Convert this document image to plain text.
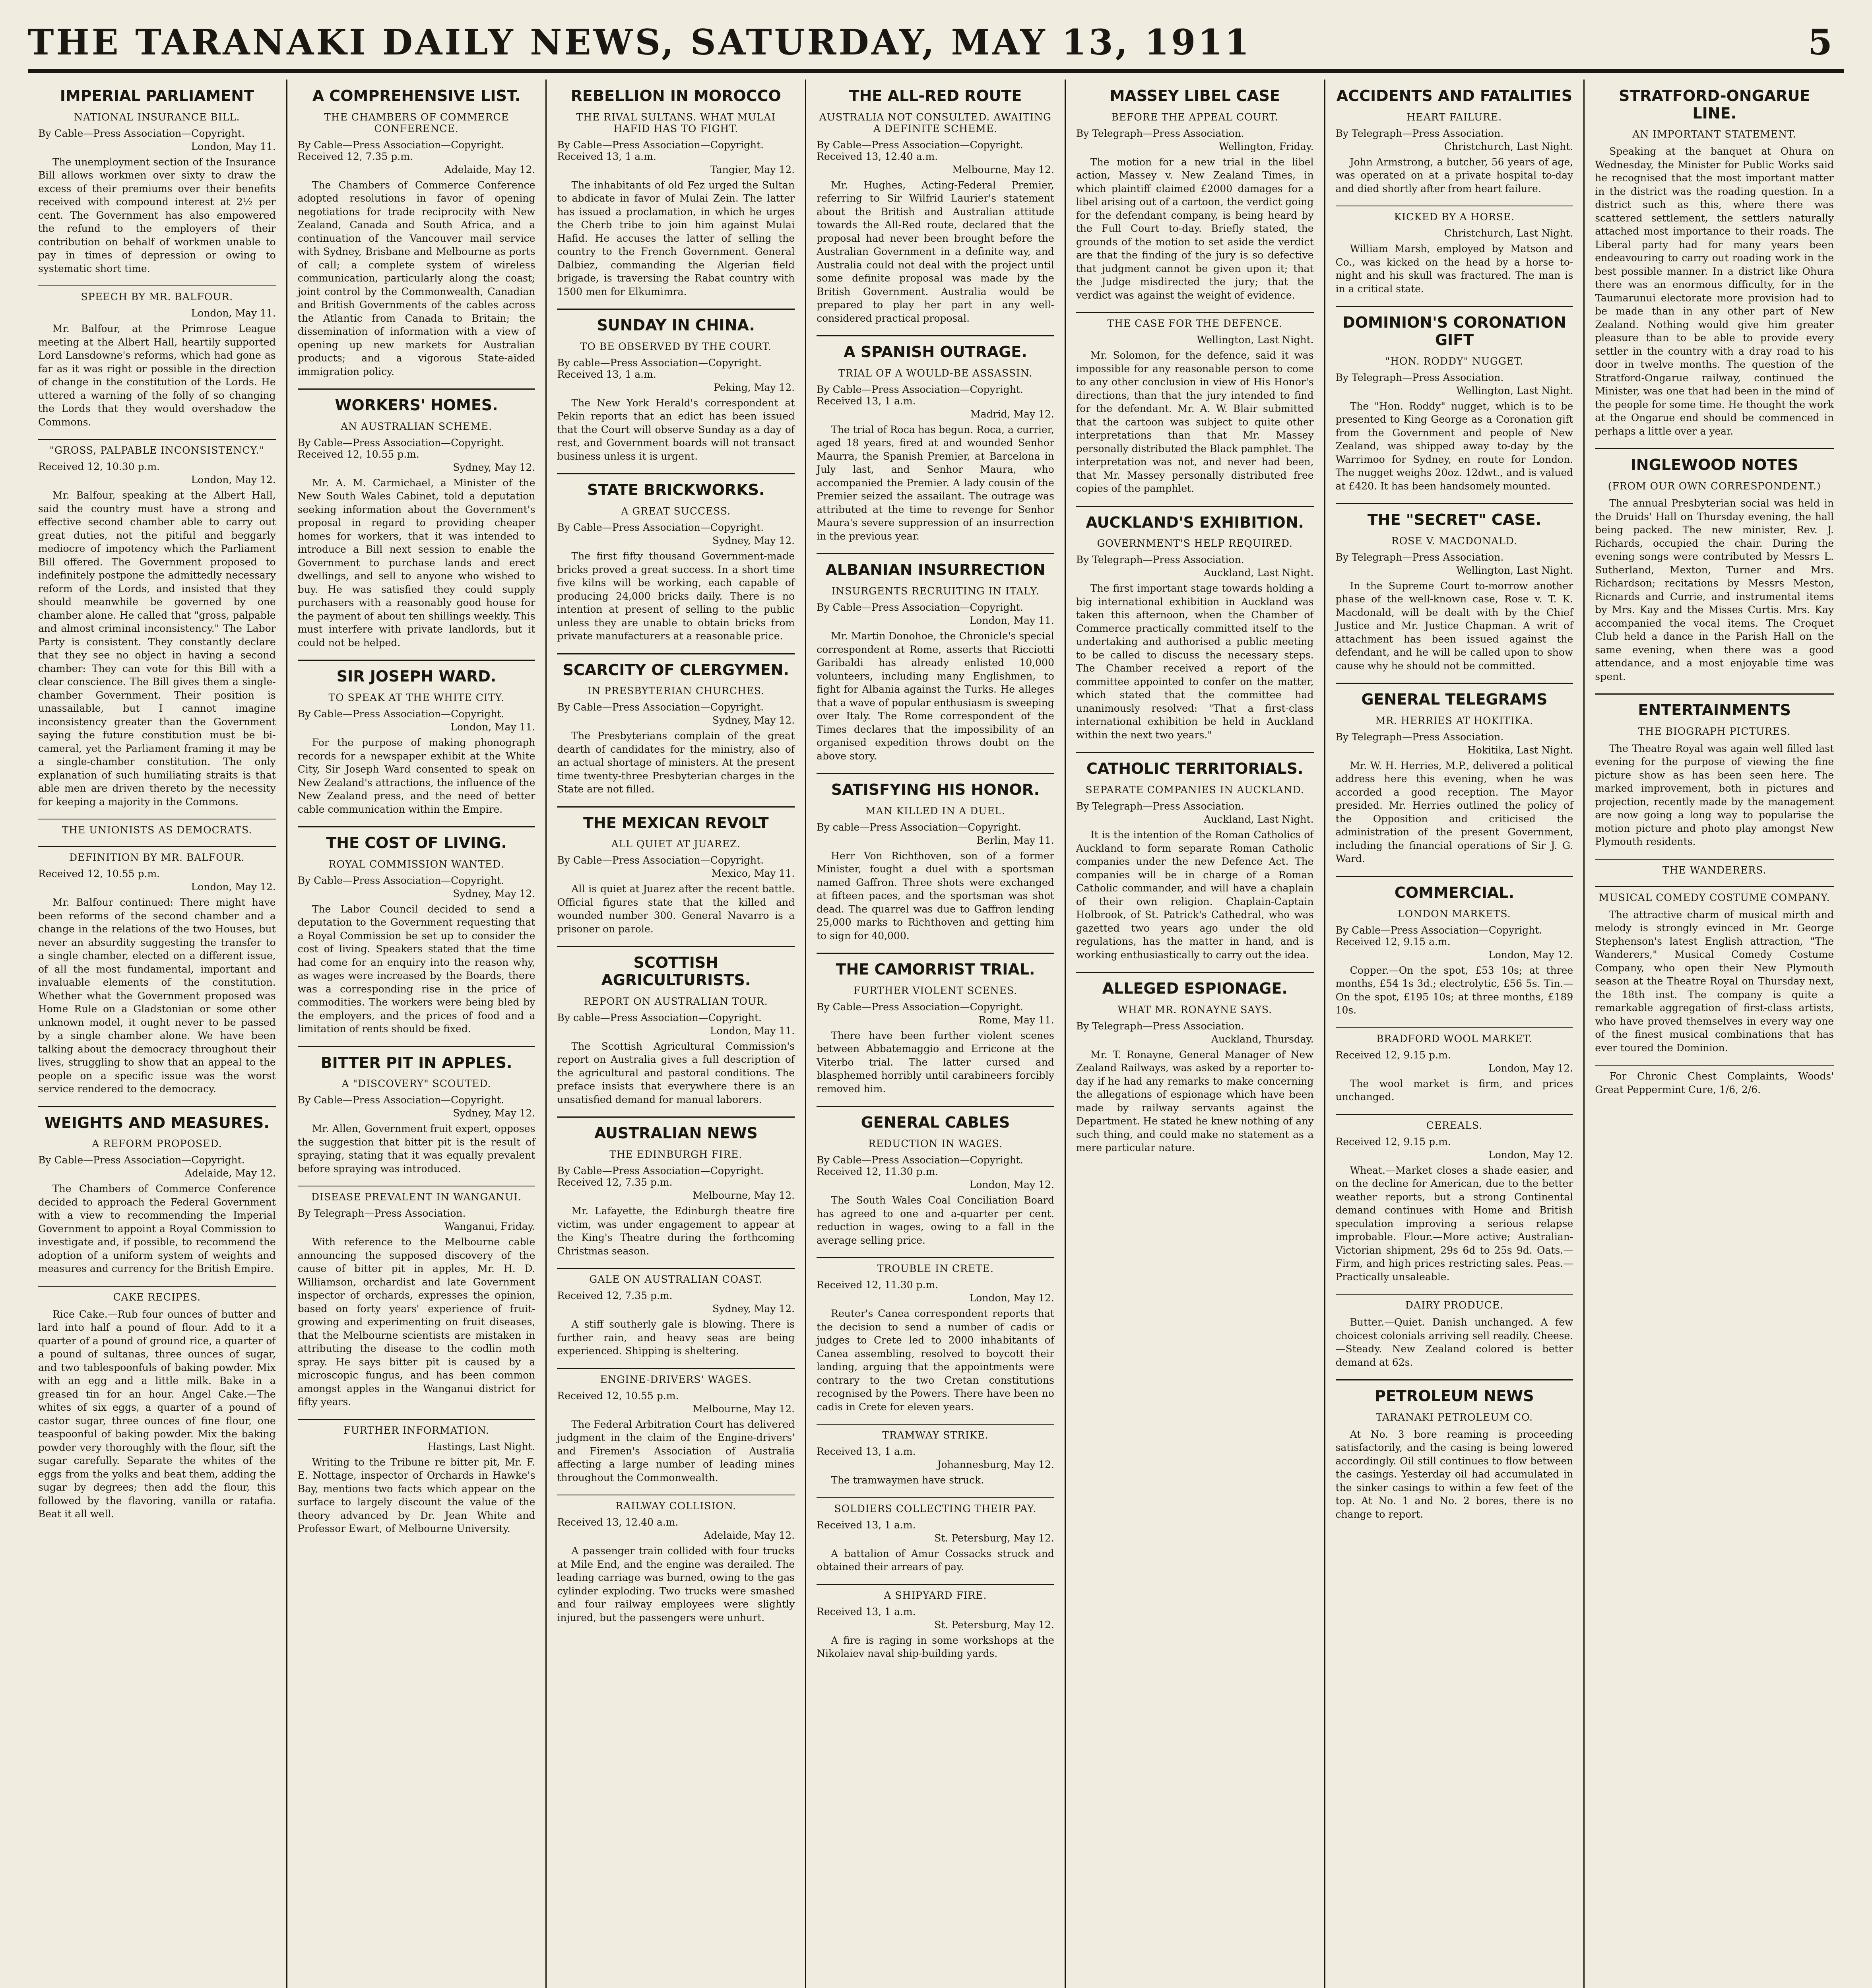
THE TARANAKI DAILY NEWS, SATURDAY, MAY 13, 1911	5
IMPERIAL PARLIAMENT
NATIONAL INSURANCE BILL.
By Cable—Press Association—Copyright.
London, May 11.
The unemployment section of the Insurance Bill allows workmen over sixty to draw the excess of their premiums over their benefits received with compound interest at 2½ per cent. The Government has also empowered the refund to the employers of their contribution on behalf of workmen unable to pay in times of depression or owing to systematic short time.
SPEECH BY MR. BALFOUR.
London, May 11.
Mr. Balfour, at the Primrose League meeting at the Albert Hall, heartily supported Lord Lansdowne's reforms, which had gone as far as it was right or possible in the direction of change in the constitution of the Lords. He uttered a warning of the folly of so changing the Lords that they would overshadow the Commons.
"GROSS, PALPABLE INCONSISTENCY."
Received 12, 10.30 p.m.
London, May 12.
Mr. Balfour, speaking at the Albert Hall, said the country must have a strong and effective second chamber able to carry out great duties, not the pitiful and beggarly mediocre of impotency which the Parliament Bill offered. The Government proposed to indefinitely postpone the admittedly necessary reform of the Lords, and insisted that they should meanwhile be governed by one chamber alone. He called that "gross, palpable and almost criminal inconsistency." The Labor Party is consistent. They constantly declare that they see no object in having a second chamber: They can vote for this Bill with a clear conscience. The Bill gives them a single-chamber Government. Their position is unassailable, but I cannot imagine inconsistency greater than the Government saying the future constitution must be bi-cameral, yet the Parliament framing it may be a single-chamber constitution. The only explanation of such humiliating straits is that able men are driven thereto by the necessity for keeping a majority in the Commons.
THE UNIONISTS AS DEMOCRATS.
DEFINITION BY MR. BALFOUR.
Received 12, 10.55 p.m.
London, May 12.
Mr. Balfour continued: There might have been reforms of the second chamber and a change in the relations of the two Houses, but never an absurdity suggesting the transfer to a single chamber, elected on a different issue, of all the most fundamental, important and invaluable elements of the constitution. Whether what the Government proposed was Home Rule on a Gladstonian or some other unknown model, it ought never to be passed by a single chamber alone. We have been talking about the democracy throughout their lives, struggling to show that an appeal to the people on a specific issue was the worst service rendered to the democracy.
WEIGHTS AND MEASURES.
A REFORM PROPOSED.
By Cable—Press Association—Copyright.
Adelaide, May 12.
The Chambers of Commerce Conference decided to approach the Federal Government with a view to recommending the Imperial Government to appoint a Royal Commission to investigate and, if possible, to recommend the adoption of a uniform system of weights and measures and currency for the British Empire.
CAKE RECIPES.
Rice Cake.—Rub four ounces of butter and lard into half a pound of flour. Add to it a quarter of a pound of ground rice, a quarter of a pound of sultanas, three ounces of sugar, and two tablespoonfuls of baking powder. Mix with an egg and a little milk. Bake in a greased tin for an hour. Angel Cake.—The whites of six eggs, a quarter of a pound of castor sugar, three ounces of fine flour, one teaspoonful of baking powder. Mix the baking powder very thoroughly with the flour, sift the sugar carefully. Separate the whites of the eggs from the yolks and beat them, adding the sugar by degrees; then add the flour, this followed by the flavoring, vanilla or ratafia. Beat it all well.
A COMPREHENSIVE LIST.
THE CHAMBERS OF COMMERCE CONFERENCE.
By Cable—Press Association—Copyright. Received 12, 7.35 p.m.
Adelaide, May 12.
The Chambers of Commerce Conference adopted resolutions in favor of opening negotiations for trade reciprocity with New Zealand, Canada and South Africa, and a continuation of the Vancouver mail service with Sydney, Brisbane and Melbourne as ports of call; a complete system of wireless communication, particularly along the coast; joint control by the Commonwealth, Canadian and British Governments of the cables across the Atlantic from Canada to Britain; the dissemination of information with a view of opening up new markets for Australian products; and a vigorous State-aided immigration policy.
WORKERS' HOMES.
AN AUSTRALIAN SCHEME.
By Cable—Press Association—Copyright. Received 12, 10.55 p.m.
Sydney, May 12.
Mr. A. M. Carmichael, a Minister of the New South Wales Cabinet, told a deputation seeking information about the Government's proposal in regard to providing cheaper homes for workers, that it was intended to introduce a Bill next session to enable the Government to purchase lands and erect dwellings, and sell to anyone who wished to buy. He was satisfied they could supply purchasers with a reasonably good house for the payment of about ten shillings weekly. This must interfere with private landlords, but it could not be helped.
SIR JOSEPH WARD.
TO SPEAK AT THE WHITE CITY.
By Cable—Press Association—Copyright.
London, May 11.
For the purpose of making phonograph records for a newspaper exhibit at the White City, Sir Joseph Ward consented to speak on New Zealand's attractions, the influence of the New Zealand press, and the need of better cable communication within the Empire.
THE COST OF LIVING.
ROYAL COMMISSION WANTED.
By Cable—Press Association—Copyright.
Sydney, May 12.
The Labor Council decided to send a deputation to the Government requesting that a Royal Commission be set up to consider the cost of living. Speakers stated that the time had come for an enquiry into the reason why, as wages were increased by the Boards, there was a corresponding rise in the price of commodities. The workers were being bled by the employers, and the prices of food and a limitation of rents should be fixed.
BITTER PIT IN APPLES.
A "DISCOVERY" SCOUTED.
By Cable—Press Association—Copyright.
Sydney, May 12.
Mr. Allen, Government fruit expert, opposes the suggestion that bitter pit is the result of spraying, stating that it was equally prevalent before spraying was introduced.
DISEASE PREVALENT IN WANGANUI.
By Telegraph—Press Association.
Wanganui, Friday.
With reference to the Melbourne cable announcing the supposed discovery of the cause of bitter pit in apples, Mr. H. D. Williamson, orchardist and late Government inspector of orchards, expresses the opinion, based on forty years' experience of fruit-growing and experimenting on fruit diseases, that the Melbourne scientists are mistaken in attributing the disease to the codlin moth spray. He says bitter pit is caused by a microscopic fungus, and has been common amongst apples in the Wanganui district for fifty years.
FURTHER INFORMATION.
Hastings, Last Night.
Writing to the Tribune re bitter pit, Mr. F. E. Nottage, inspector of Orchards in Hawke's Bay, mentions two facts which appear on the surface to largely discount the value of the theory advanced by Dr. Jean White and Professor Ewart, of Melbourne University.
REBELLION IN MOROCCO
THE RIVAL SULTANS. WHAT MULAI HAFID HAS TO FIGHT.
By Cable—Press Association—Copyright. Received 13, 1 a.m.
Tangier, May 12.
The inhabitants of old Fez urged the Sultan to abdicate in favor of Mulai Zein. The latter has issued a proclamation, in which he urges the Cherb tribe to join him against Mulai Hafid. He accuses the latter of selling the country to the French Government. General Dalbiez, commanding the Algerian field brigade, is traversing the Rabat country with 1500 men for Elkumimra.
SUNDAY IN CHINA.
TO BE OBSERVED BY THE COURT.
By cable—Press Association—Copyright. Received 13, 1 a.m.
Peking, May 12.
The New York Herald's correspondent at Pekin reports that an edict has been issued that the Court will observe Sunday as a day of rest, and Government boards will not transact business unless it is urgent.
STATE BRICKWORKS.
A GREAT SUCCESS.
By Cable—Press Association—Copyright.
Sydney, May 12.
The first fifty thousand Government-made bricks proved a great success. In a short time five kilns will be working, each capable of producing 24,000 bricks daily. There is no intention at present of selling to the public unless they are unable to obtain bricks from private manufacturers at a reasonable price.
SCARCITY OF CLERGYMEN.
IN PRESBYTERIAN CHURCHES.
By Cable—Press Association—Copyright.
Sydney, May 12.
The Presbyterians complain of the great dearth of candidates for the ministry, also of an actual shortage of ministers. At the present time twenty-three Presbyterian charges in the State are not filled.
THE MEXICAN REVOLT
ALL QUIET AT JUAREZ.
By Cable—Press Association—Copyright.
Mexico, May 11.
All is quiet at Juarez after the recent battle. Official figures state that the killed and wounded number 300. General Navarro is a prisoner on parole.
SCOTTISH AGRICULTURISTS.
REPORT ON AUSTRALIAN TOUR.
By cable—Press Association—Copyright.
London, May 11.
The Scottish Agricultural Commission's report on Australia gives a full description of the agricultural and pastoral conditions. The preface insists that everywhere there is an unsatisfied demand for manual laborers.
AUSTRALIAN NEWS
THE EDINBURGH FIRE.
By Cable—Press Association—Copyright. Received 12, 7.35 p.m.
Melbourne, May 12.
Mr. Lafayette, the Edinburgh theatre fire victim, was under engagement to appear at the King's Theatre during the forthcoming Christmas season.
GALE ON AUSTRALIAN COAST.
Received 12, 7.35 p.m.
Sydney, May 12.
A stiff southerly gale is blowing. There is further rain, and heavy seas are being experienced. Shipping is sheltering.
ENGINE-DRIVERS' WAGES.
Received 12, 10.55 p.m.
Melbourne, May 12.
The Federal Arbitration Court has delivered judgment in the claim of the Engine-drivers' and Firemen's Association of Australia affecting a large number of leading mines throughout the Commonwealth.
RAILWAY COLLISION.
Received 13, 12.40 a.m.
Adelaide, May 12.
A passenger train collided with four trucks at Mile End, and the engine was derailed. The leading carriage was burned, owing to the gas cylinder exploding. Two trucks were smashed and four railway employees were slightly injured, but the passengers were unhurt.
THE ALL-RED ROUTE
AUSTRALIA NOT CONSULTED. AWAITING A DEFINITE SCHEME.
By Cable—Press Association—Copyright. Received 13, 12.40 a.m.
Melbourne, May 12.
Mr. Hughes, Acting-Federal Premier, referring to Sir Wilfrid Laurier's statement about the British and Australian attitude towards the All-Red route, declared that the proposal had never been brought before the Australian Government in a definite way, and Australia could not deal with the project until some definite proposal was made by the British Government. Australia would be prepared to play her part in any well-considered practical proposal.
A SPANISH OUTRAGE.
TRIAL OF A WOULD-BE ASSASSIN.
By Cable—Press Association—Copyright. Received 13, 1 a.m.
Madrid, May 12.
The trial of Roca has begun. Roca, a currier, aged 18 years, fired at and wounded Senhor Maurra, the Spanish Premier, at Barcelona in July last, and Senhor Maura, who accompanied the Premier. A lady cousin of the Premier seized the assailant. The outrage was attributed at the time to revenge for Senhor Maura's severe suppression of an insurrection in the previous year.
ALBANIAN INSURRECTION
INSURGENTS RECRUITING IN ITALY.
By Cable—Press Association—Copyright.
London, May 11.
Mr. Martin Donohoe, the Chronicle's special correspondent at Rome, asserts that Ricciotti Garibaldi has already enlisted 10,000 volunteers, including many Englishmen, to fight for Albania against the Turks. He alleges that a wave of popular enthusiasm is sweeping over Italy. The Rome correspondent of the Times declares that the impossibility of an organised expedition throws doubt on the above story.
SATISFYING HIS HONOR.
MAN KILLED IN A DUEL.
By cable—Press Association—Copyright.
Berlin, May 11.
Herr Von Richthoven, son of a former Minister, fought a duel with a sportsman named Gaffron. Three shots were exchanged at fifteen paces, and the sportsman was shot dead. The quarrel was due to Gaffron lending 25,000 marks to Richthoven and getting him to sign for 40,000.
THE CAMORRIST TRIAL.
FURTHER VIOLENT SCENES.
By Cable—Press Association—Copyright.
Rome, May 11.
There have been further violent scenes between Abbatemaggio and Erricone at the Viterbo trial. The latter cursed and blasphemed horribly until carabineers forcibly removed him.
GENERAL CABLES
REDUCTION IN WAGES.
By Cable—Press Association—Copyright. Received 12, 11.30 p.m.
London, May 12.
The South Wales Coal Conciliation Board has agreed to one and a-quarter per cent. reduction in wages, owing to a fall in the average selling price.
TROUBLE IN CRETE.
Received 12, 11.30 p.m.
London, May 12.
Reuter's Canea correspondent reports that the decision to send a number of cadis or judges to Crete led to 2000 inhabitants of Canea assembling, resolved to boycott their landing, arguing that the appointments were contrary to the two Cretan constitutions recognised by the Powers. There have been no cadis in Crete for eleven years.
TRAMWAY STRIKE.
Received 13, 1 a.m.
Johannesburg, May 12.
The tramwaymen have struck.
SOLDIERS COLLECTING THEIR PAY.
Received 13, 1 a.m.
St. Petersburg, May 12.
A battalion of Amur Cossacks struck and obtained their arrears of pay.
A SHIPYARD FIRE.
Received 13, 1 a.m.
St. Petersburg, May 12.
A fire is raging in some workshops at the Nikolaiev naval ship-building yards.
MASSEY LIBEL CASE
BEFORE THE APPEAL COURT.
By Telegraph—Press Association.
Wellington, Friday.
The motion for a new trial in the libel action, Massey v. New Zealand Times, in which plaintiff claimed £2000 damages for a libel arising out of a cartoon, the verdict going for the defendant company, is being heard by the Full Court to-day. Briefly stated, the grounds of the motion to set aside the verdict are that the finding of the jury is so defective that judgment cannot be given upon it; that the Judge misdirected the jury; that the verdict was against the weight of evidence.
THE CASE FOR THE DEFENCE.
Wellington, Last Night.
Mr. Solomon, for the defence, said it was impossible for any reasonable person to come to any other conclusion in view of His Honor's directions, than that the jury intended to find for the defendant. Mr. A. W. Blair submitted that the cartoon was subject to quite other interpretations than that Mr. Massey personally distributed the Black pamphlet. The interpretation was not, and never had been, that Mr. Massey personally distributed free copies of the pamphlet.
AUCKLAND'S EXHIBITION.
GOVERNMENT'S HELP REQUIRED.
By Telegraph—Press Association.
Auckland, Last Night.
The first important stage towards holding a big international exhibition in Auckland was taken this afternoon, when the Chamber of Commerce practically committed itself to the undertaking and authorised a public meeting to be called to discuss the necessary steps. The Chamber received a report of the committee appointed to confer on the matter, which stated that the committee had unanimously resolved: "That a first-class international exhibition be held in Auckland within the next two years."
CATHOLIC TERRITORIALS.
SEPARATE COMPANIES IN AUCKLAND.
By Telegraph—Press Association.
Auckland, Last Night.
It is the intention of the Roman Catholics of Auckland to form separate Roman Catholic companies under the new Defence Act. The companies will be in charge of a Roman Catholic commander, and will have a chaplain of their own religion. Chaplain-Captain Holbrook, of St. Patrick's Cathedral, who was gazetted two years ago under the old regulations, has the matter in hand, and is working enthusiastically to carry out the idea.
ALLEGED ESPIONAGE.
WHAT MR. RONAYNE SAYS.
By Telegraph—Press Association.
Auckland, Thursday.
Mr. T. Ronayne, General Manager of New Zealand Railways, was asked by a reporter to-day if he had any remarks to make concerning the allegations of espionage which have been made by railway servants against the Department. He stated he knew nothing of any such thing, and could make no statement as a mere particular nature.
ACCIDENTS AND FATALITIES
HEART FAILURE.
By Telegraph—Press Association.
Christchurch, Last Night.
John Armstrong, a butcher, 56 years of age, was operated on at a private hospital to-day and died shortly after from heart failure.
KICKED BY A HORSE.
Christchurch, Last Night.
William Marsh, employed by Matson and Co., was kicked on the head by a horse to-night and his skull was fractured. The man is in a critical state.
DOMINION'S CORONATION GIFT
"HON. RODDY" NUGGET.
By Telegraph—Press Association.
Wellington, Last Night.
The "Hon. Roddy" nugget, which is to be presented to King George as a Coronation gift from the Government and people of New Zealand, was shipped away to-day by the Warrimoo for Sydney, en route for London. The nugget weighs 20oz. 12dwt., and is valued at £420. It has been handsomely mounted.
THE "SECRET" CASE.
ROSE V. MACDONALD.
By Telegraph—Press Association.
Wellington, Last Night.
In the Supreme Court to-morrow another phase of the well-known case, Rose v. T. K. Macdonald, will be dealt with by the Chief Justice and Mr. Justice Chapman. A writ of attachment has been issued against the defendant, and he will be called upon to show cause why he should not be committed.
GENERAL TELEGRAMS
MR. HERRIES AT HOKITIKA.
By Telegraph—Press Association.
Hokitika, Last Night.
Mr. W. H. Herries, M.P., delivered a political address here this evening, when he was accorded a good reception. The Mayor presided. Mr. Herries outlined the policy of the Opposition and criticised the administration of the present Government, including the financial operations of Sir J. G. Ward.
COMMERCIAL.
LONDON MARKETS.
By Cable—Press Association—Copyright. Received 12, 9.15 a.m.
London, May 12.
Copper.—On the spot, £53 10s; at three months, £54 1s 3d.; electrolytic, £56 5s. Tin.—On the spot, £195 10s; at three months, £189 10s.
BRADFORD WOOL MARKET.
Received 12, 9.15 p.m.
London, May 12.
The wool market is firm, and prices unchanged.
CEREALS.
Received 12, 9.15 p.m.
London, May 12.
Wheat.—Market closes a shade easier, and on the decline for American, due to the better weather reports, but a strong Continental demand continues with Home and British speculation improving a serious relapse improbable. Flour.—More active; Australian-Victorian shipment, 29s 6d to 25s 9d. Oats.—Firm, and high prices restricting sales. Peas.—Practically unsaleable.
DAIRY PRODUCE.
Butter.—Quiet. Danish unchanged. A few choicest colonials arriving sell readily. Cheese.—Steady. New Zealand colored is better demand at 62s.
PETROLEUM NEWS
TARANAKI PETROLEUM CO.
At No. 3 bore reaming is proceeding satisfactorily, and the casing is being lowered accordingly. Oil still continues to flow between the casings. Yesterday oil had accumulated in the sinker casings to within a few feet of the top. At No. 1 and No. 2 bores, there is no change to report.
STRATFORD-ONGARUE LINE.
AN IMPORTANT STATEMENT.
Speaking at the banquet at Ohura on Wednesday, the Minister for Public Works said he recognised that the most important matter in the district was the roading question. In a district such as this, where there was scattered settlement, the settlers naturally attached most importance to their roads. The Liberal party had for many years been endeavouring to carry out roading work in the best possible manner. In a district like Ohura there was an enormous difficulty, for in the Taumarunui electorate more provision had to be made than in any other part of New Zealand. Nothing would give him greater pleasure than to be able to provide every settler in the country with a dray road to his door in twelve months. The question of the Stratford-Ongarue railway, continued the Minister, was one that had been in the mind of the people for some time. He thought the work at the Ongarue end should be commenced in perhaps a little over a year.
INGLEWOOD NOTES
(FROM OUR OWN CORRESPONDENT.)
The annual Presbyterian social was held in the Druids' Hall on Thursday evening, the hall being packed. The new minister, Rev. J. Richards, occupied the chair. During the evening songs were contributed by Messrs L. Sutherland, Mexton, Turner and Mrs. Richardson; recitations by Messrs Meston, Ricnards and Currie, and instrumental items by Mrs. Kay and the Misses Curtis. Mrs. Kay accompanied the vocal items. The Croquet Club held a dance in the Parish Hall on the same evening, when there was a good attendance, and a most enjoyable time was spent.
ENTERTAINMENTS
THE BIOGRAPH PICTURES.
The Theatre Royal was again well filled last evening for the purpose of viewing the fine picture show as has been seen here. The marked improvement, both in pictures and projection, recently made by the management are now going a long way to popularise the motion picture and photo play amongst New Plymouth residents.
THE WANDERERS.
MUSICAL COMEDY COSTUME COMPANY.
The attractive charm of musical mirth and melody is strongly evinced in Mr. George Stephenson's latest English attraction, "The Wanderers," Musical Comedy Costume Company, who open their New Plymouth season at the Theatre Royal on Thursday next, the 18th inst. The company is quite a remarkable aggregation of first-class artists, who have proved themselves in every way one of the finest musical combinations that has ever toured the Dominion.
For Chronic Chest Complaints, Woods' Great Peppermint Cure, 1/6, 2/6.
